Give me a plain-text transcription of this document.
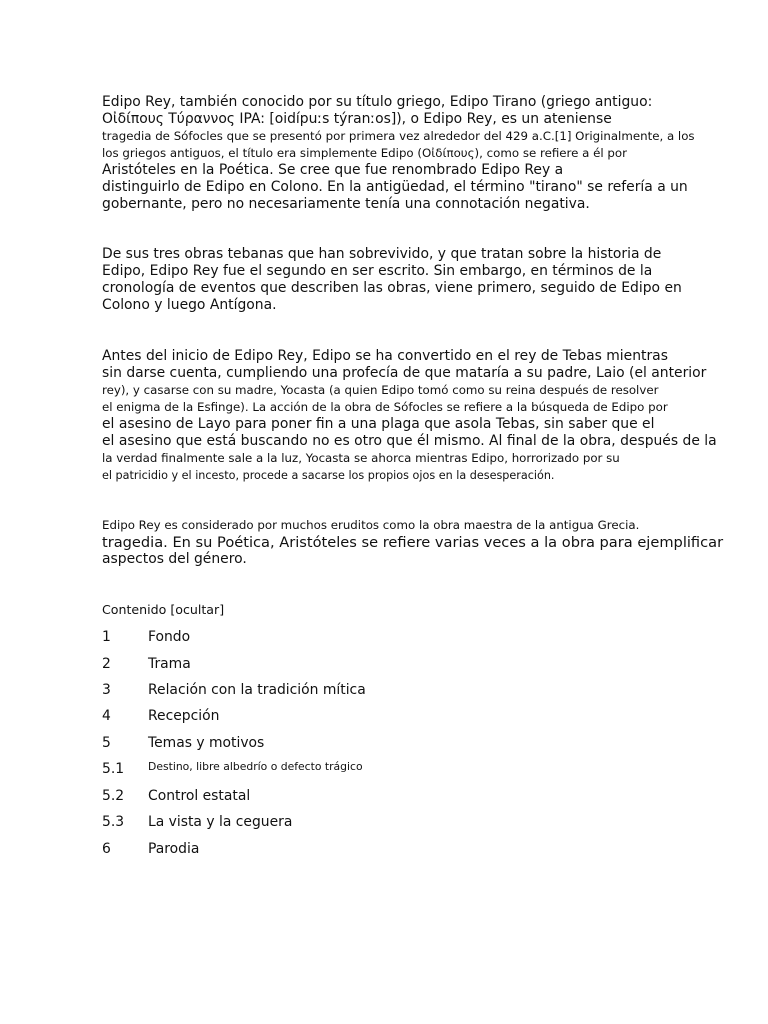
Edipo Rey, también conocido por su título griego, Edipo Tirano (griego antiguo:
Οἰδίπους Τύραννος IPA: [oidípuːs týranːos]), o Edipo Rey, es un ateniense
tragedia de Sófocles que se presentó por primera vez alrededor del 429 a.C.[1] Originalmente, a los
los griegos antiguos, el título era simplemente Edipo (Οἰδίπους), como se refiere a él por
Aristóteles en la Poética. Se cree que fue renombrado Edipo Rey a
distinguirlo de Edipo en Colono. En la antigüedad, el término "tirano" se refería a un
gobernante, pero no necesariamente tenía una connotación negativa.
De sus tres obras tebanas que han sobrevivido, y que tratan sobre la historia de
Edipo, Edipo Rey fue el segundo en ser escrito. Sin embargo, en términos de la
cronología de eventos que describen las obras, viene primero, seguido de Edipo en
Colono y luego Antígona.
Antes del inicio de Edipo Rey, Edipo se ha convertido en el rey de Tebas mientras
sin darse cuenta, cumpliendo una profecía de que mataría a su padre, Laio (el anterior
rey), y casarse con su madre, Yocasta (a quien Edipo tomó como su reina después de resolver
el enigma de la Esfinge). La acción de la obra de Sófocles se refiere a la búsqueda de Edipo por
el asesino de Layo para poner fin a una plaga que asola Tebas, sin saber que el
el asesino que está buscando no es otro que él mismo. Al final de la obra, después de la
la verdad finalmente sale a la luz, Yocasta se ahorca mientras Edipo, horrorizado por su
el patricidio y el incesto, procede a sacarse los propios ojos en la desesperación.
Edipo Rey es considerado por muchos eruditos como la obra maestra de la antigua Grecia.
tragedia. En su Poética, Aristóteles se refiere varias veces a la obra para ejemplificar
aspectos del género.
Contenido [ocultar]
1	Fondo
2	Trama
3	Relación con la tradición mítica
4	Recepción
5	Temas y motivos
5.1 Destino, libre albedrío o defecto trágico
5.2 Control estatal
5.3 La vista y la ceguera
6	Parodia
